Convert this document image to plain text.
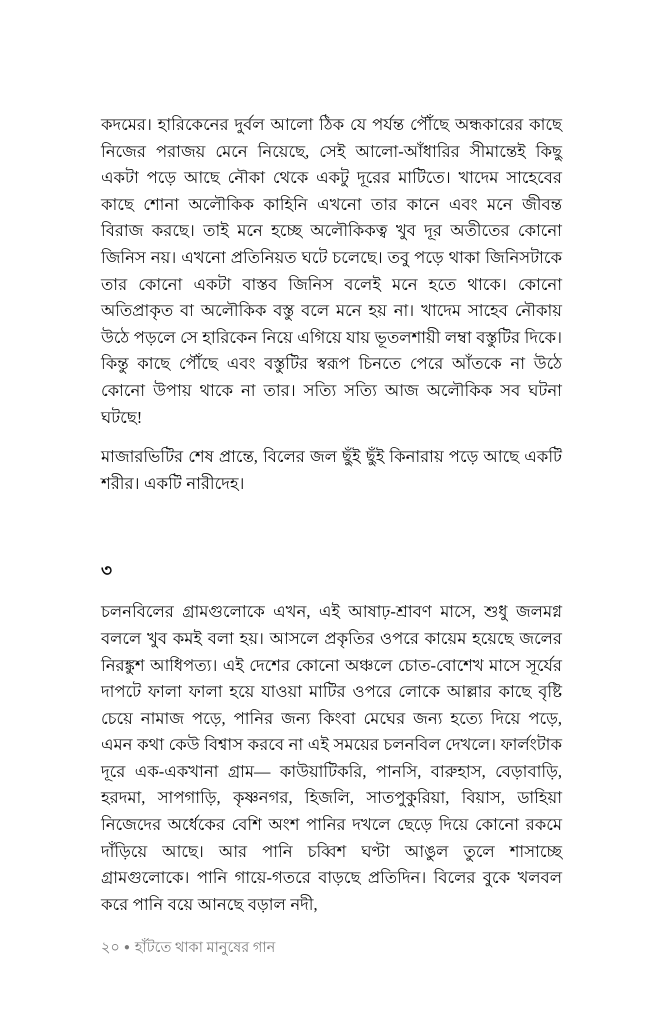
কদমের। হারিকেনের দুর্বল আলো ঠিক যে পর্যন্ত পৌঁছে অন্ধকারের কাছে নিজের পরাজয় মেনে নিয়েছে, সেই আলো-আঁধারির সীমান্তেই কিছু একটা পড়ে আছে নৌকা থেকে একটু দূরের মাটিতে। খাদেম সাহেবের কাছে শোনা অলৌকিক কাহিনি এখনো তার কানে এবং মনে জীবন্ত বিরাজ করছে। তাই মনে হচ্ছে অলৌকিকত্ব খুব দূর অতীতের কোনো জিনিস নয়। এখনো প্রতিনিয়ত ঘটে চলেছে। তবু পড়ে থাকা জিনিসটাকে তার কোনো একটা বাস্তব জিনিস বলেই মনে হতে থাকে। কোনো অতিপ্রাকৃত বা অলৌকিক বস্তু বলে মনে হয় না। খাদেম সাহেব নৌকায় উঠে পড়লে সে হারিকেন নিয়ে এগিয়ে যায় ভূতলশায়ী লম্বা বস্তুটির দিকে। কিন্তু কাছে পৌঁছে এবং বস্তুটির স্বরূপ চিনতে পেরে আঁতকে না উঠে কোনো উপায় থাকে না তার। সত্যি সত্যি আজ অলৌকিক সব ঘটনা ঘটছে!

মাজারভিটির শেষ প্রান্তে, বিলের জল ছুঁই ছুঁই কিনারায় পড়ে আছে একটি শরীর। একটি নারীদেহ।

৩

চলনবিলের গ্রামগুলোকে এখন, এই আষাঢ়-শ্রাবণ মাসে, শুধু জলমগ্ন বললে খুব কমই বলা হয়। আসলে প্রকৃতির ওপরে কায়েম হয়েছে জলের নিরঙ্কুশ আধিপত্য। এই দেশের কোনো অঞ্চলে চোত-বোশেখ মাসে সূর্যের দাপটে ফালা ফালা হয়ে যাওয়া মাটির ওপরে লোকে আল্লার কাছে বৃষ্টি চেয়ে নামাজ পড়ে, পানির জন্য কিংবা মেঘের জন্য হত্যে দিয়ে পড়ে, এমন কথা কেউ বিশ্বাস করবে না এই সময়ের চলনবিল দেখলে। ফার্লংটাক দূরে এক-একখানা গ্রাম— কাউয়াটিকরি, পানসি, বারুহাস, বেড়াবাড়ি, হরদমা, সাপগাড়ি, কৃষ্ণনগর, হিজলি, সাতপুকুরিয়া, বিয়াস, ডাহিয়া নিজেদের অর্ধেকের বেশি অংশ পানির দখলে ছেড়ে দিয়ে কোনো রকমে দাঁড়িয়ে আছে। আর পানি চব্বিশ ঘণ্টা আঙুল তুলে শাসাচ্ছে গ্রামগুলোকে। পানি গায়ে-গতরে বাড়ছে প্রতিদিন। বিলের বুকে খলবল করে পানি বয়ে আনছে বড়াল নদী,

২০ ● হাঁটতে থাকা মানুষের গান
